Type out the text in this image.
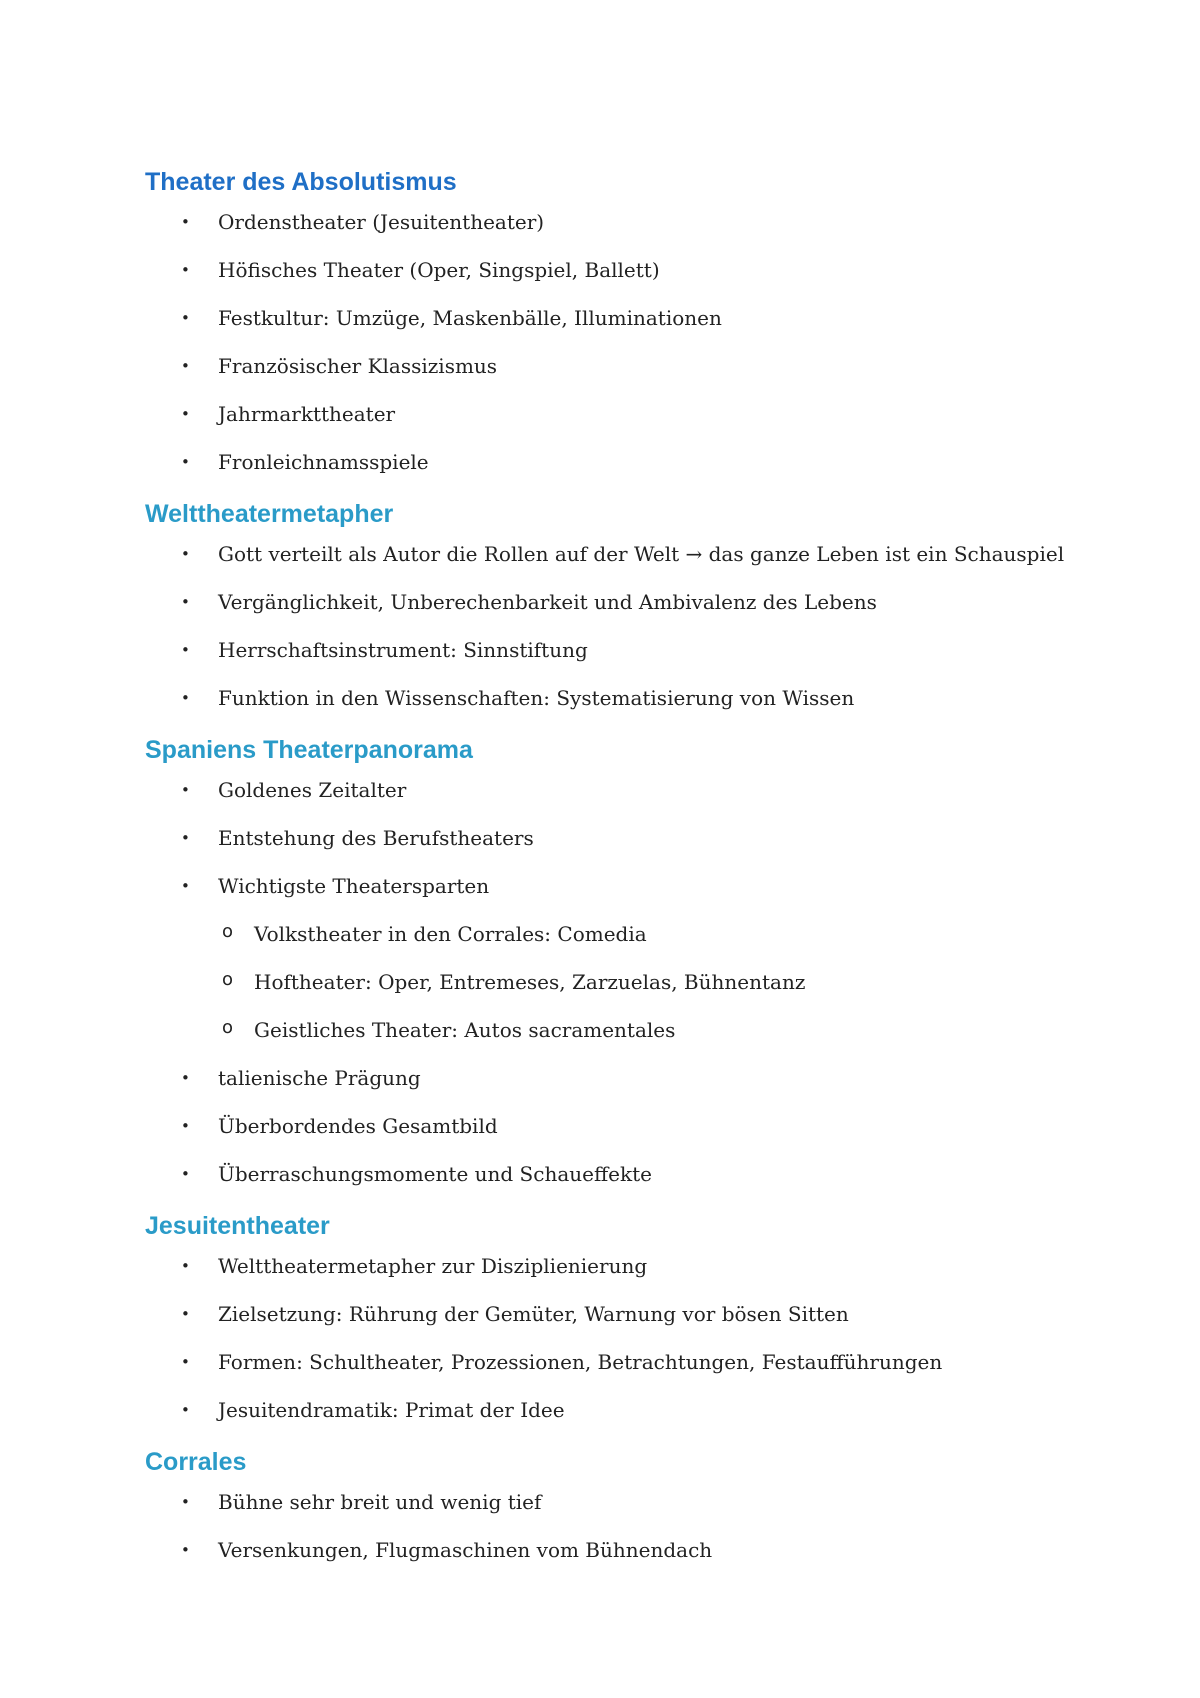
Theater des Absolutismus
• Ordenstheater (Jesuitentheater)
• Höfisches Theater (Oper, Singspiel, Ballett)
• Festkultur: Umzüge, Maskenbälle, Illuminationen
• Französischer Klassizismus
• Jahrmarkttheater
• Fronleichnamsspiele
Welttheatermetapher
• Gott verteilt als Autor die Rollen auf der Welt → das ganze Leben ist ein Schauspiel
• Vergänglichkeit, Unberechenbarkeit und Ambivalenz des Lebens
• Herrschaftsinstrument: Sinnstiftung
• Funktion in den Wissenschaften: Systematisierung von Wissen
Spaniens Theaterpanorama
• Goldenes Zeitalter
• Entstehung des Berufstheaters
• Wichtigste Theatersparten
o Volkstheater in den Corrales: Comedia
o Hoftheater: Oper, Entremeses, Zarzuelas, Bühnentanz
o Geistliches Theater: Autos sacramentales
• talienische Prägung
• Überbordendes Gesamtbild
• Überraschungsmomente und Schaueffekte
Jesuitentheater
• Welttheatermetapher zur Disziplienierung
• Zielsetzung: Rührung der Gemüter, Warnung vor bösen Sitten
• Formen: Schultheater, Prozessionen, Betrachtungen, Festaufführungen
• Jesuitendramatik: Primat der Idee
Corrales
• Bühne sehr breit und wenig tief
• Versenkungen, Flugmaschinen vom Bühnendach
